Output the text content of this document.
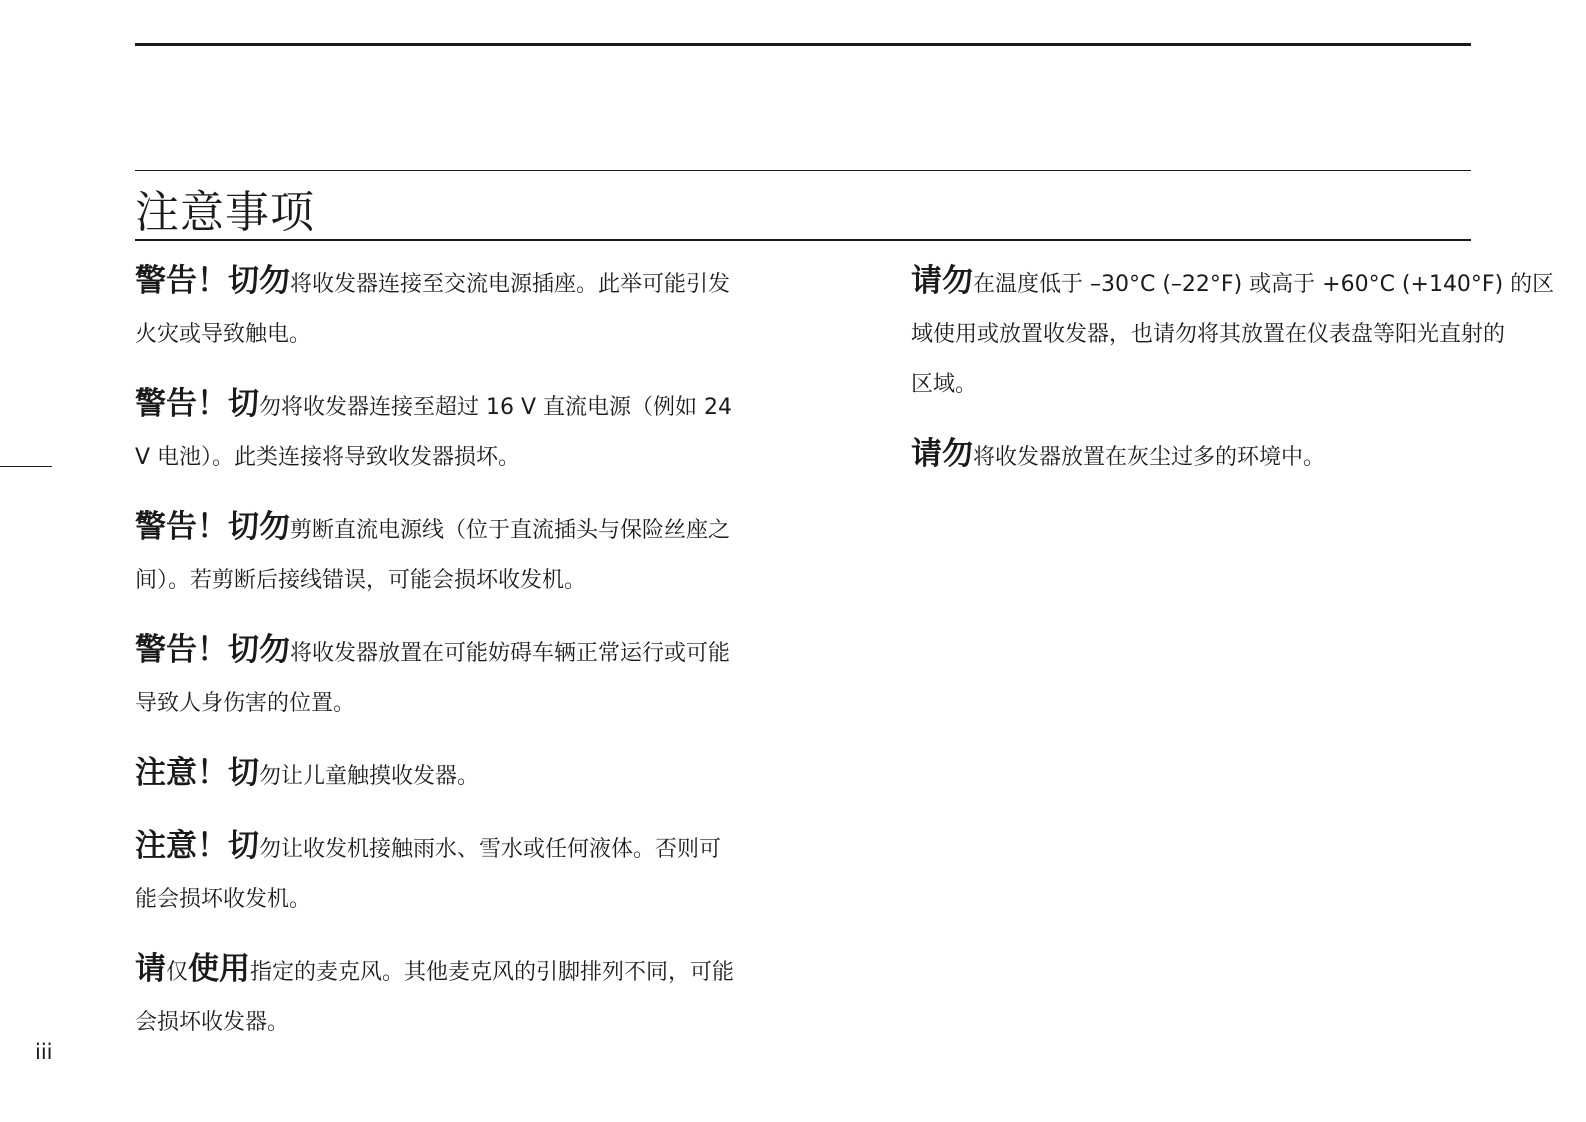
注意事项

警告！切勿将收发器连接至交流电源插座。此举可能引发
火灾或导致触电。

警告！切勿将收发器连接至超过 16 V 直流电源（例如 24
V 电池）。此类连接将导致收发器损坏。

警告！切勿剪断直流电源线（位于直流插头与保险丝座之
间）。若剪断后接线错误，可能会损坏收发机。

警告！切勿将收发器放置在可能妨碍车辆正常运行或可能
导致人身伤害的位置。

注意！切勿让儿童触摸收发器。

注意！切勿让收发机接触雨水、雪水或任何液体。否则可
能会损坏收发机。

请仅使用指定的麦克风。其他麦克风的引脚排列不同，可能
会损坏收发器。

请勿在温度低于 –30°C (–22°F) 或高于 +60°C (+140°F) 的区
域使用或放置收发器，也请勿将其放置在仪表盘等阳光直射的
区域。

请勿将收发器放置在灰尘过多的环境中。

iii
